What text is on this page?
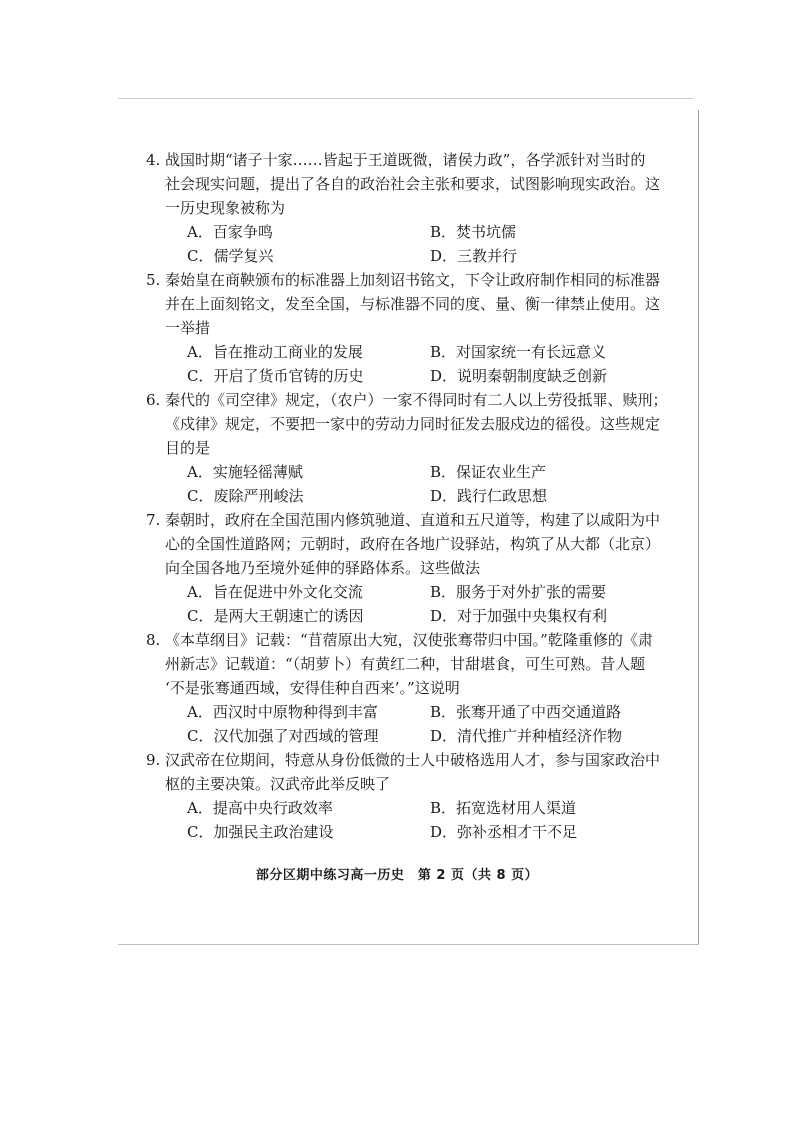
4. 战国时期“诸子十家……皆起于王道既微，诸侯力政”，各学派针对当时的
社会现实问题，提出了各自的政治社会主张和要求，试图影响现实政治。这
一历史现象被称为
A．百家争鸣	B．焚书坑儒
C．儒学复兴	D．三教并行
5. 秦始皇在商鞅颁布的标准器上加刻诏书铭文，下令让政府制作相同的标准器
并在上面刻铭文，发至全国，与标准器不同的度、量、衡一律禁止使用。这
一举措
A．旨在推动工商业的发展	B．对国家统一有长远意义
C．开启了货币官铸的历史	D．说明秦朝制度缺乏创新
6. 秦代的《司空律》规定，（农户）一家不得同时有二人以上劳役抵罪、赎刑；
《戍律》规定，不要把一家中的劳动力同时征发去服戍边的徭役。这些规定
目的是
A．实施轻徭薄赋	B．保证农业生产
C．废除严刑峻法	D．践行仁政思想
7. 秦朝时，政府在全国范围内修筑驰道、直道和五尺道等，构建了以咸阳为中
心的全国性道路网；元朝时，政府在各地广设驿站，构筑了从大都（北京）
向全国各地乃至境外延伸的驿路体系。这些做法
A．旨在促进中外文化交流	B．服务于对外扩张的需要
C．是两大王朝速亡的诱因	D．对于加强中央集权有利
8. 《本草纲目》记载：“苜蓿原出大宛，汉使张骞带归中国。”乾隆重修的《肃
州新志》记载道：“（胡萝卜）有黄红二种，甘甜堪食，可生可熟。昔人题
‘不是张骞通西域，安得佳种自西来’。”这说明
A．西汉时中原物种得到丰富	B．张骞开通了中西交通道路
C．汉代加强了对西域的管理	D．清代推广并种植经济作物
9. 汉武帝在位期间，特意从身份低微的士人中破格选用人才，参与国家政治中
枢的主要决策。汉武帝此举反映了
A．提高中央行政效率	B．拓宽选材用人渠道
C．加强民主政治建设	D．弥补丞相才干不足
部分区期中练习高一历史　第 2 页（共 8 页）
